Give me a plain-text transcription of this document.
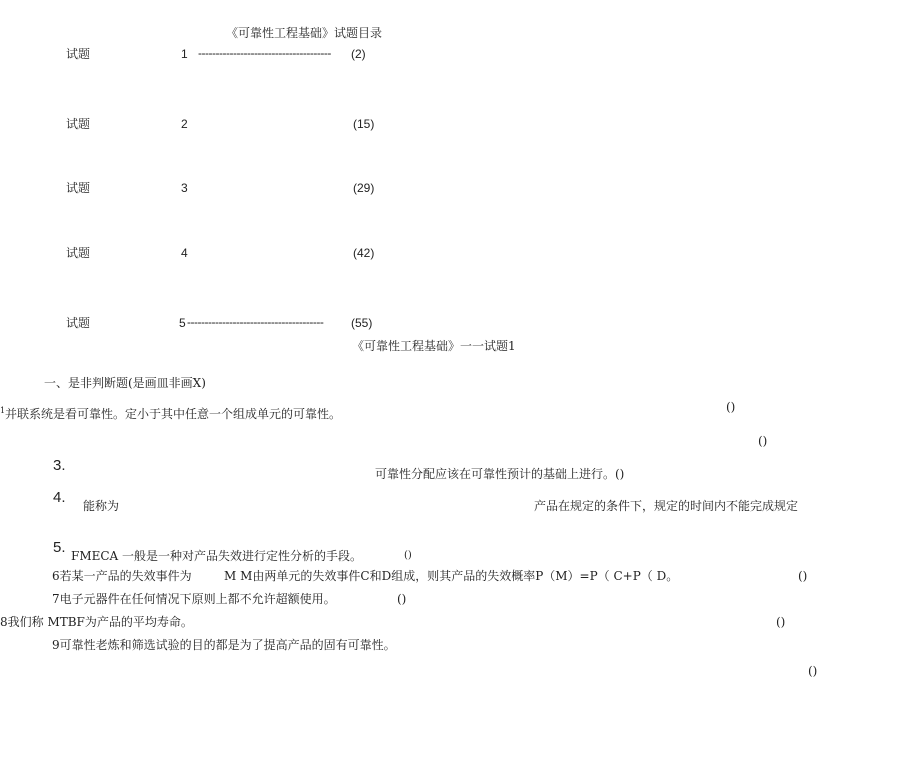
《可靠性工程基础》试题目录
试题	1 -------------------------------------- (2)
试题	2	(15)
试题	3	(29)
试题	4	(42)
试题	5 --------------------------------------- (55)
《可靠性工程基础》一一试题1
一、是非判断题(是画皿非画X)
1 并联系统是看可靠性。定小于其中任意一个组成单元的可靠性。	()
()
3.	可靠性分配应该在可靠性预计的基础上进行。()
4. 能称为	产品在规定的条件下，规定的时间内不能完成规定
5. FMECA 一般是一种对产品失效进行定性分析的手段。	()
6若某一产品的失效事件为	M M由两单元的失效事件C和D组成，则其产品的失效概率P（M）=P（ C+P（ D。	()
7电子元器件在任何情况下原则上都不允许超额使用。	()
8我们称 MTBF为产品的平均寿命。	()
9可靠性老炼和筛选试验的目的都是为了提高产品的固有可靠性。
()
